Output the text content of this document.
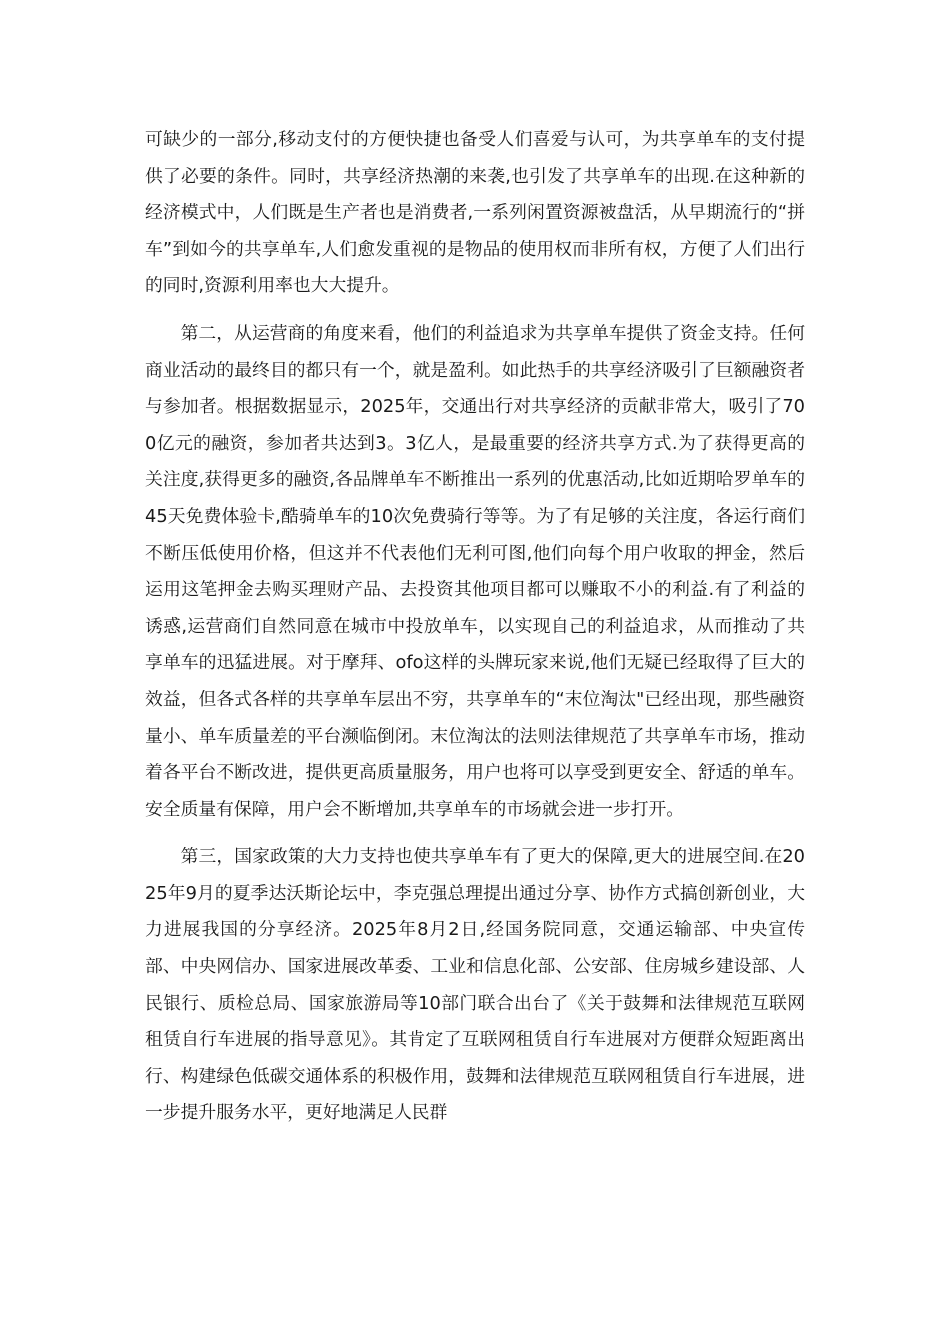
可缺少的一部分,移动支付的方便快捷也备受人们喜爱与认可，为共享单车的支付提供了必要的条件。同时，共享经济热潮的来袭,也引发了共享单车的出现.在这种新的经济模式中，人们既是生产者也是消费者,一系列闲置资源被盘活，从早期流行的“拼车”到如今的共享单车,人们愈发重视的是物品的使用权而非所有权，方便了人们出行的同时,资源利用率也大大提升。

第二，从运营商的角度来看，他们的利益追求为共享单车提供了资金支持。任何商业活动的最终目的都只有一个，就是盈利。如此热手的共享经济吸引了巨额融资者与参加者。根据数据显示，2025年，交通出行对共享经济的贡献非常大，吸引了700亿元的融资，参加者共达到3。3亿人，是最重要的经济共享方式.为了获得更高的关注度,获得更多的融资,各品牌单车不断推出一系列的优惠活动,比如近期哈罗单车的45天免费体验卡,酷骑单车的10次免费骑行等等。为了有足够的关注度，各运行商们不断压低使用价格，但这并不代表他们无利可图,他们向每个用户收取的押金，然后运用这笔押金去购买理财产品、去投资其他项目都可以赚取不小的利益.有了利益的诱惑,运营商们自然同意在城市中投放单车，以实现自己的利益追求，从而推动了共享单车的迅猛进展。对于摩拜、ofo这样的头牌玩家来说,他们无疑已经取得了巨大的效益，但各式各样的共享单车层出不穷，共享单车的“末位淘汰"已经出现，那些融资量小、单车质量差的平台濒临倒闭。末位淘汰的法则法律规范了共享单车市场，推动着各平台不断改进，提供更高质量服务，用户也将可以享受到更安全、舒适的单车。安全质量有保障，用户会不断增加,共享单车的市场就会进一步打开。

第三，国家政策的大力支持也使共享单车有了更大的保障,更大的进展空间.在2025年9月的夏季达沃斯论坛中，李克强总理提出通过分享、协作方式搞创新创业，大力进展我国的分享经济。2025年8月2日,经国务院同意，交通运输部、中央宣传部、中央网信办、国家进展改革委、工业和信息化部、公安部、住房城乡建设部、人民银行、质检总局、国家旅游局等10部门联合出台了《关于鼓舞和法律规范互联网租赁自行车进展的指导意见》。其肯定了互联网租赁自行车进展对方便群众短距离出行、构建绿色低碳交通体系的积极作用，鼓舞和法律规范互联网租赁自行车进展，进一步提升服务水平，更好地满足人民群
